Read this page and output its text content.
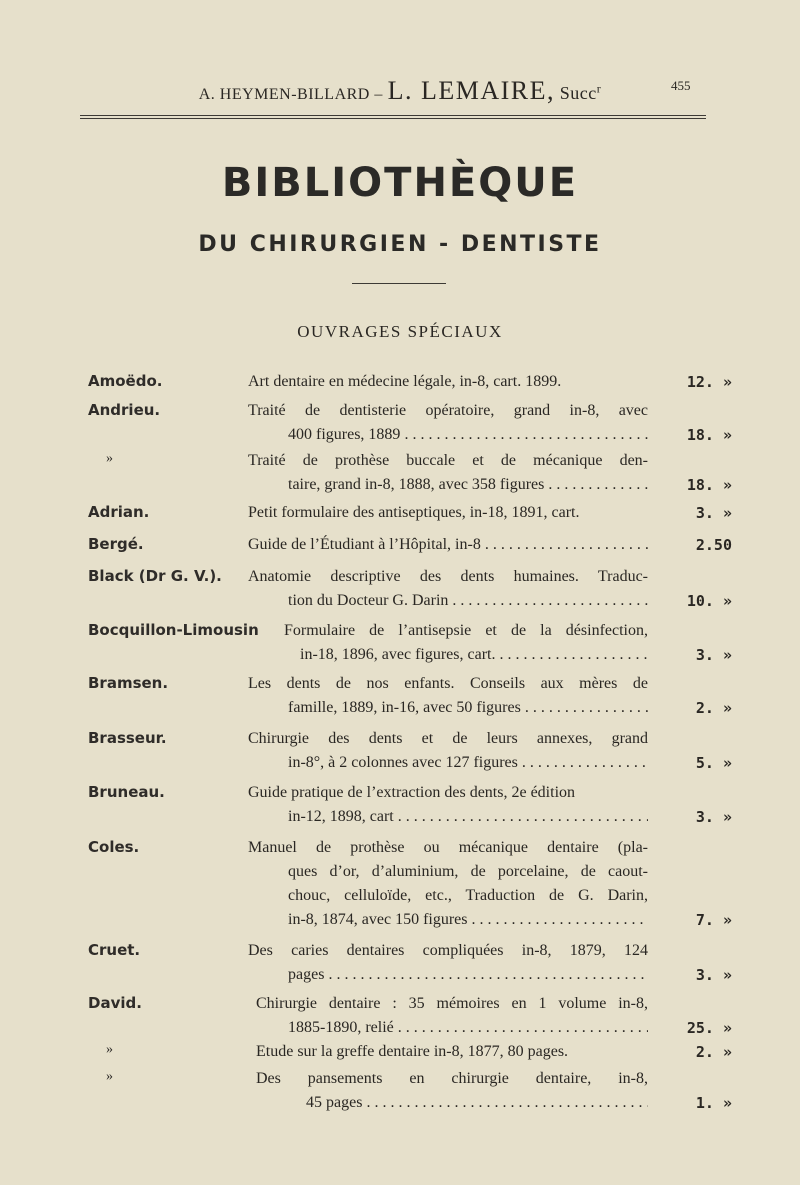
A. HEYMEN-BILLARD – L. LEMAIRE, Succ$^r$	455
BIBLIOTHÈQUE
DU CHIRURGIEN - DENTISTE
OUVRAGES SPÉCIAUX
Amoëdo.	Art dentaire en médecine légale, in-8, cart. 1899.	12. »
Andrieu.	Traité de dentisterie opératoire, grand in-8, avec
400 figures, 1889 . . .	18. »
»	Traité de prothèse buccale et de mécanique den-
taire, grand in-8, 1888, avec 358 figures . . .	18. »
Adrian.	Petit formulaire des antiseptiques, in-18, 1891, cart.	3. »
Bergé.	Guide de l’Étudiant à l’Hôpital, in-8 . . .	2.50
Black (Dr G. V.). Anatomie descriptive des dents humaines. Traduc-
tion du Docteur G. Darin . . .	10. »
Bocquillon-Limousin Formulaire de l’antisepsie et de la désinfection,
in-18, 1896, avec figures, cart. . . .	3. »
Bramsen.	Les dents de nos enfants. Conseils aux mères de
famille, 1889, in-16, avec 50 figures . . .	2. »
Brasseur.	Chirurgie des dents et de leurs annexes, grand
in-8°, à 2 colonnes avec 127 figures . . .	5. »
Bruneau.	Guide pratique de l’extraction des dents, 2e édition
in-12, 1898, cart . . .	3. »
Coles.	Manuel de prothèse ou mécanique dentaire (pla-
ques d’or, d’aluminium, de porcelaine, de caout-
chouc, celluloïde, etc., Traduction de G. Darin,
in-8, 1874, avec 150 figures . . .	7. »
Cruet.	Des caries dentaires compliquées in-8, 1879, 124
pages . . .	3. »
David.	Chirurgie dentaire : 35 mémoires en 1 volume in-8,
1885-1890, relié . . .	25. »
»	Etude sur la greffe dentaire in-8, 1877, 80 pages.	2. »
»	Des pansements en chirurgie dentaire, in-8,
45 pages . . .	1. »
